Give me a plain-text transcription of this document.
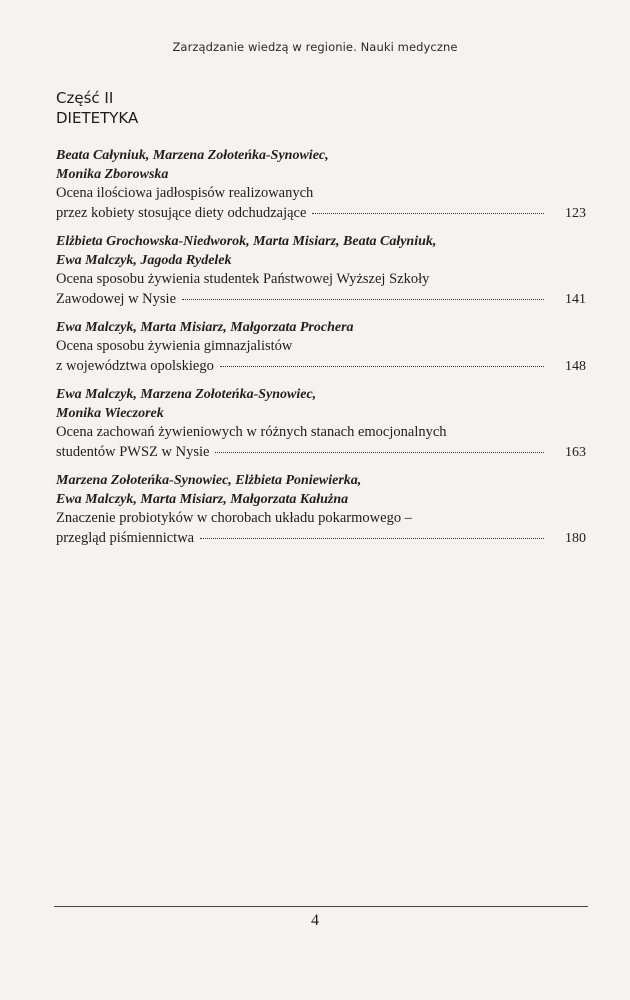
Zarządzanie wiedzą w regionie. Nauki medyczne
Część II
DIETETYKA
Beata Całyniuk, Marzena Zołoteńka-Synowiec,
Monika Zborowska
Ocena ilościowa jadłospisów realizowanych
przez kobiety stosujące diety odchudzające	123
Elżbieta Grochowska-Niedworok, Marta Misiarz, Beata Całyniuk,
Ewa Malczyk, Jagoda Rydelek
Ocena sposobu żywienia studentek Państwowej Wyższej Szkoły
Zawodowej w Nysie	141
Ewa Malczyk, Marta Misiarz, Małgorzata Prochera
Ocena sposobu żywienia gimnazjalistów
z województwa opolskiego	148
Ewa Malczyk, Marzena Zołoteńka-Synowiec,
Monika Wieczorek
Ocena zachowań żywieniowych w różnych stanach emocjonalnych
studentów PWSZ w Nysie	163
Marzena Zołoteńka-Synowiec, Elżbieta Poniewierka,
Ewa Malczyk, Marta Misiarz, Małgorzata Kałużna
Znaczenie probiotyków w chorobach układu pokarmowego –
przegląd piśmiennictwa	180
4
